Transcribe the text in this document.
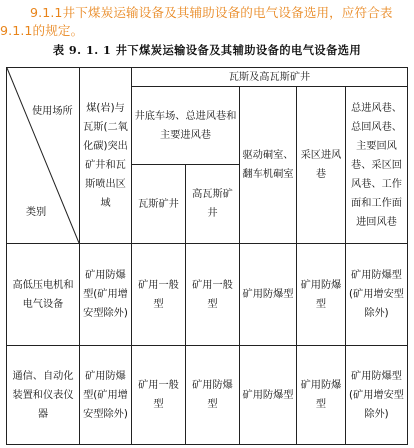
9.1.1井下煤炭运输设备及其辅助设备的电气设备选用，应符合表9.1.1的规定。
表 9. 1. 1 井下煤炭运输设备及其辅助设备的电气设备选用
使用场所
类别
煤(岩)与瓦斯(二氧化碳)突出矿井和瓦斯喷出区域
瓦斯及高瓦斯矿井
井底车场、总进风巷和主要进风巷
瓦斯矿井
高瓦斯矿井
驱动硐室、翻车机硐室
采区进风巷
总进风巷、总回风巷、主要回风巷、采区回风巷、工作面和工作面进回风巷
高低压电机和电气设备
矿用防爆型(矿用增安型除外)
矿用一般型
矿用一般型
矿用防爆型
矿用防爆型
矿用防爆型(矿用增安型除外)
通信、自动化装置和仪表仪器
矿用防爆型(矿用增安型除外)
矿用一般型
矿用防爆型
矿用防爆型
矿用防爆型
矿用防爆型(矿用增安型除外)
